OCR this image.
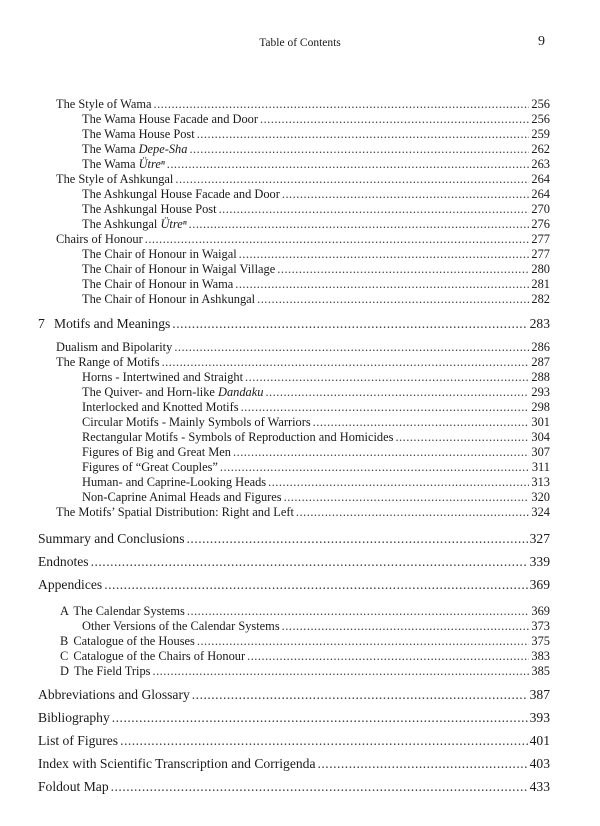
Table of Contents	9
The Style of Wama .....	256
The Wama House Facade and Door .....	256
The Wama House Post .....	259
The Wama Depe-Sha .....	262
The Wama Ütreⁿ .....	263
The Style of Ashkungal .....	264
The Ashkungal House Facade and Door .....	264
The Ashkungal House Post .....	270
The Ashkungal Ütreⁿ .....	276
Chairs of Honour .....	277
The Chair of Honour in Waigal .....	277
The Chair of Honour in Waigal Village .....	280
The Chair of Honour in Wama .....	281
The Chair of Honour in Ashkungal .....	282
7 Motifs and Meanings .....	283
Dualism and Bipolarity .....	286
The Range of Motifs .....	287
Horns - Intertwined and Straight .....	288
The Quiver- and Horn-like Dandaku .....	293
Interlocked and Knotted Motifs .....	298
Circular Motifs - Mainly Symbols of Warriors .....	301
Rectangular Motifs - Symbols of Reproduction and Homicides .....	304
Figures of Big and Great Men .....	307
Figures of “Great Couples” .....	311
Human- and Caprine-Looking Heads .....	313
Non-Caprine Animal Heads and Figures .....	320
The Motifs’ Spatial Distribution: Right and Left .....	324
Summary and Conclusions .....	327
Endnotes .....	339
Appendices .....	369
A The Calendar Systems .....	369
Other Versions of the Calendar Systems .....	373
B Catalogue of the Houses .....	375
C Catalogue of the Chairs of Honour .....	383
D The Field Trips .....	385
Abbreviations and Glossary .....	387
Bibliography .....	393
List of Figures .....	401
Index with Scientific Transcription and Corrigenda .....	403
Foldout Map .....	433
